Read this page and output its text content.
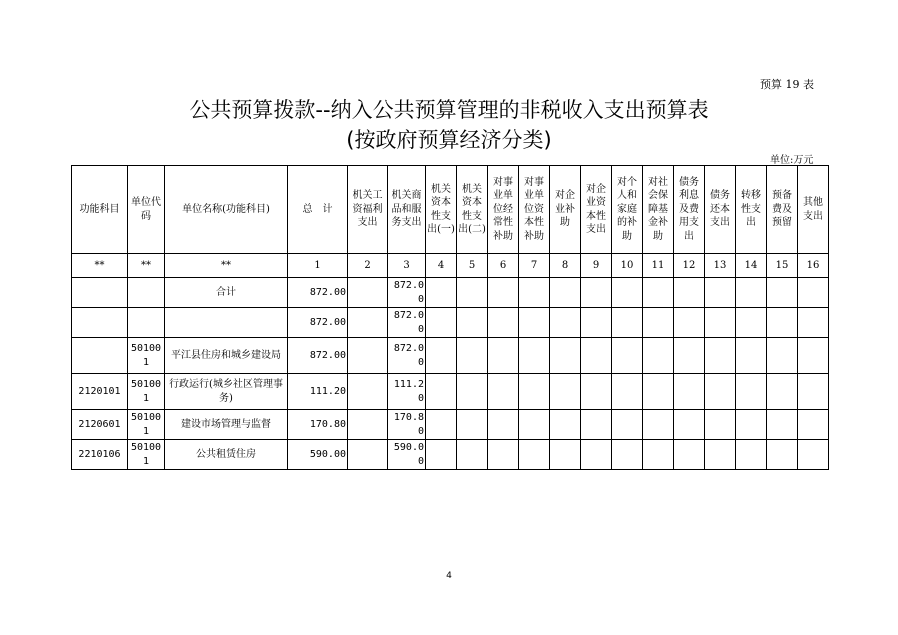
预算 19 表
公共预算拨款--纳入公共预算管理的非税收入支出预算表
(按政府预算经济分类)
单位:万元
功能科目	单位代码	单位名称(功能科目)	总　计	机关工资福利支出	机关商品和服务支出	机关资本性支出(一)	机关资本性支出(二)	对事业单位经常性补助	对事业单位资本性补助	对企业补助	对企业资本性支出	对个人和家庭的补助	对社会保障基金补助	债务利息及费用支出	债务还本支出	转移性支出	预备费及预留	其他支出
**	**	**	1	2	3	4	5	6	7	8	9	10	11	12	13	14	15	16
		合计	872.00		872.00													
			872.00		872.00													
	501001	平江县住房和城乡建设局	872.00		872.00													
2120101	501001	行政运行(城乡社区管理事务)	111.20		111.20													
2120601	501001	建设市场管理与监督	170.80		170.80													
2210106	501001	公共租赁住房	590.00		590.00													
4
